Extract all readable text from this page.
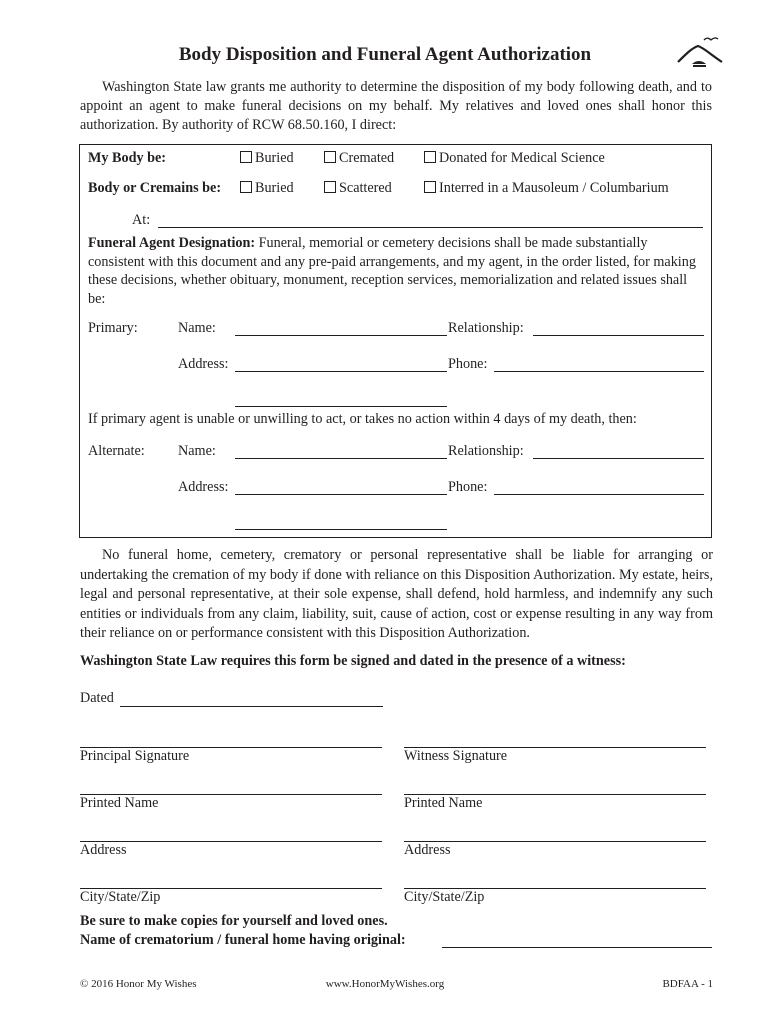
Body Disposition and Funeral Agent Authorization
Washington State law grants me authority to determine the disposition of my body following death, and to appoint an agent to make funeral decisions on my behalf. My relatives and loved ones shall honor this authorization. By authority of RCW 68.50.160, I direct:
My Body be:	Buried	Cremated	Donated for Medical Science
Body or Cremains be:	Buried	Scattered	Interred in a Mausoleum / Columbarium
At:
Funeral Agent Designation: Funeral, memorial or cemetery decisions shall be made substantially consistent with this document and any pre-paid arrangements, and my agent, in the order listed, for making these decisions, whether obituary, monument, reception services, memorialization and related issues shall be:
Primary:	Name:	Relationship:
Address:	Phone:
If primary agent is unable or unwilling to act, or takes no action within 4 days of my death, then:
Alternate: Name:	Relationship:
Address:	Phone:
No funeral home, cemetery, crematory or personal representative shall be liable for arranging or undertaking the cremation of my body if done with reliance on this Disposition Authorization. My estate, heirs, legal and personal representative, at their sole expense, shall defend, hold harmless, and indemnify any such entities or individuals from any claim, liability, suit, cause of action, cost or expense resulting in any way from their reliance on or performance consistent with this Disposition Authorization.
Washington State Law requires this form be signed and dated in the presence of a witness:
Dated
Principal Signature	Witness Signature
Printed Name	Printed Name
Address	Address
City/State/Zip	City/State/Zip
Be sure to make copies for yourself and loved ones.
Name of crematorium / funeral home having original:
© 2016 Honor My Wishes	www.HonorMyWishes.org	BDFAA - 1
